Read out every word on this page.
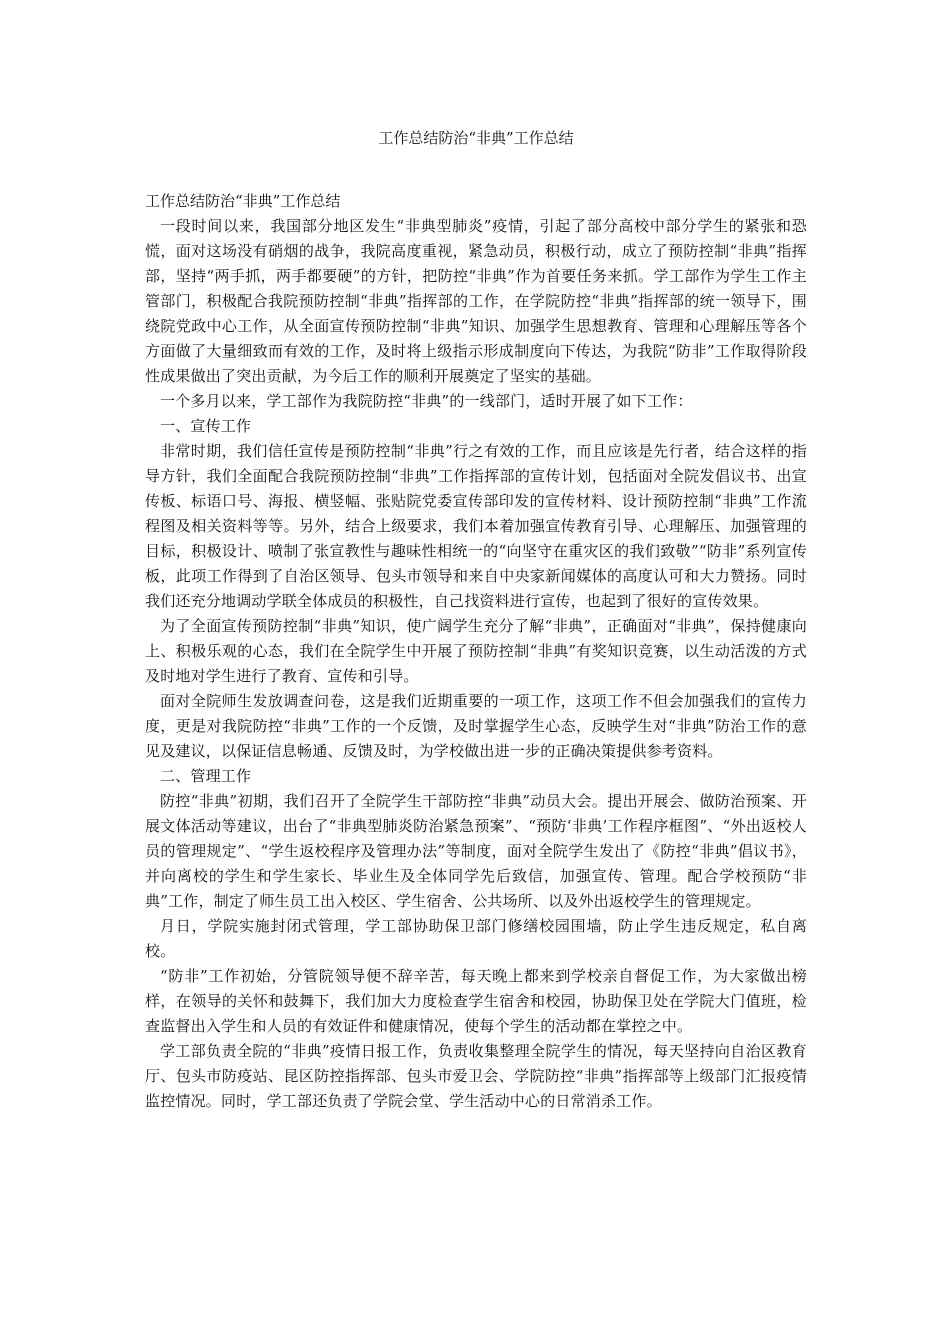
工作总结防治“非典”工作总结

工作总结防治“非典”工作总结

一段时间以来，我国部分地区发生“非典型肺炎”疫情，引起了部分高校中部分学生的紧张和恐慌，面对这场没有硝烟的战争，我院高度重视，紧急动员，积极行动，成立了预防控制“非典”指挥部，坚持“两手抓，两手都要硬”的方针，把防控“非典”作为首要任务来抓。学工部作为学生工作主管部门，积极配合我院预防控制“非典”指挥部的工作，在学院防控“非典”指挥部的统一领导下，围绕院党政中心工作，从全面宣传预防控制“非典”知识、加强学生思想教育、管理和心理解压等各个方面做了大量细致而有效的工作，及时将上级指示形成制度向下传达，为我院“防非”工作取得阶段性成果做出了突出贡献，为今后工作的顺利开展奠定了坚实的基础。

一个多月以来，学工部作为我院防控“非典”的一线部门，适时开展了如下工作：

一、宣传工作

非常时期，我们信任宣传是预防控制“非典”行之有效的工作，而且应该是先行者，结合这样的指导方针，我们全面配合我院预防控制“非典”工作指挥部的宣传计划，包括面对全院发倡议书、出宣传板、标语口号、海报、横竖幅、张贴院党委宣传部印发的宣传材料、设计预防控制“非典”工作流程图及相关资料等等。另外，结合上级要求，我们本着加强宣传教育引导、心理解压、加强管理的目标，积极设计、喷制了张宣教性与趣味性相统一的“向坚守在重灾区的我们致敬”“防非”系列宣传板，此项工作得到了自治区领导、包头市领导和来自中央家新闻媒体的高度认可和大力赞扬。同时我们还充分地调动学联全体成员的积极性，自己找资料进行宣传，也起到了很好的宣传效果。

为了全面宣传预防控制“非典”知识，使广阔学生充分了解“非典”，正确面对“非典”，保持健康向上、积极乐观的心态，我们在全院学生中开展了预防控制“非典”有奖知识竞赛，以生动活泼的方式及时地对学生进行了教育、宣传和引导。

面对全院师生发放调查问卷，这是我们近期重要的一项工作，这项工作不但会加强我们的宣传力度，更是对我院防控“非典”工作的一个反馈，及时掌握学生心态，反映学生对“非典”防治工作的意见及建议，以保证信息畅通、反馈及时，为学校做出进一步的正确决策提供参考资料。

二、管理工作

防控“非典”初期，我们召开了全院学生干部防控“非典”动员大会。提出开展会、做防治预案、开展文体活动等建议，出台了“非典型肺炎防治紧急预案”、“预防‘非典’工作程序框图”、“外出返校人员的管理规定”、“学生返校程序及管理办法”等制度，面对全院学生发出了《防控“非典”倡议书》，并向离校的学生和学生家长、毕业生及全体同学先后致信，加强宣传、管理。配合学校预防“非典”工作，制定了师生员工出入校区、学生宿舍、公共场所、以及外出返校学生的管理规定。

月日，学院实施封闭式管理，学工部协助保卫部门修缮校园围墙，防止学生违反规定，私自离校。

“防非”工作初始，分管院领导便不辞辛苦，每天晚上都来到学校亲自督促工作，为大家做出榜样，在领导的关怀和鼓舞下，我们加大力度检查学生宿舍和校园，协助保卫处在学院大门值班，检查监督出入学生和人员的有效证件和健康情况，使每个学生的活动都在掌控之中。

学工部负责全院的“非典”疫情日报工作，负责收集整理全院学生的情况，每天坚持向自治区教育厅、包头市防疫站、昆区防控指挥部、包头市爱卫会、学院防控“非典”指挥部等上级部门汇报疫情监控情况。同时，学工部还负责了学院会堂、学生活动中心的日常消杀工作。
